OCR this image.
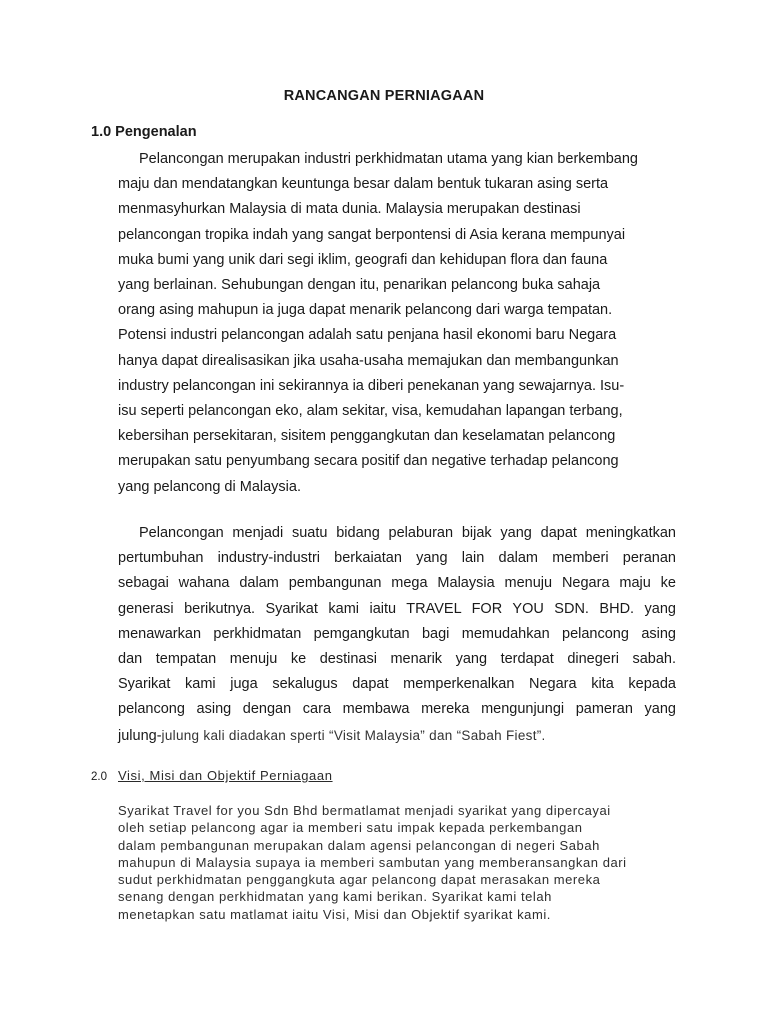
RANCANGAN PERNIAGAAN
1.0 Pengenalan
Pelancongan merupakan industri perkhidmatan utama yang kian berkembang
maju dan mendatangkan keuntunga besar dalam bentuk tukaran asing serta
menmasyhurkan Malaysia di mata dunia. Malaysia merupakan destinasi
pelancongan tropika indah yang sangat berpontensi di Asia kerana mempunyai
muka bumi yang unik dari segi iklim, geografi dan kehidupan flora dan fauna
yang berlainan. Sehubungan dengan itu, penarikan pelancong buka sahaja
orang asing mahupun ia juga dapat menarik pelancong dari warga tempatan.
Potensi industri pelancongan adalah satu penjana hasil ekonomi baru Negara
hanya dapat direalisasikan jika usaha-usaha memajukan dan membangunkan
industry pelancongan ini sekirannya ia diberi penekanan yang sewajarnya. Isu-
isu seperti pelancongan eko, alam sekitar, visa, kemudahan lapangan terbang,
kebersihan persekitaran, sisitem penggangkutan dan keselamatan pelancong
merupakan satu penyumbang secara positif dan negative terhadap pelancong
yang pelancong di Malaysia.
Pelancongan menjadi suatu bidang pelaburan bijak yang dapat meningkatkan
pertumbuhan industry-industri berkaiatan yang lain dalam memberi peranan
sebagai wahana dalam pembangunan mega Malaysia menuju Negara maju ke
generasi berikutnya. Syarikat kami iaitu TRAVEL FOR YOU SDN. BHD. yang
menawarkan perkhidmatan pemgangkutan bagi memudahkan pelancong asing
dan tempatan menuju ke destinasi menarik yang terdapat dinegeri sabah.
Syarikat kami juga sekalugus dapat memperkenalkan Negara kita kepada
pelancong asing dengan cara membawa mereka mengunjungi pameran yang
julung-julung kali diadakan sperti “Visit Malaysia” dan “Sabah Fiest”.
2.0 Visi, Misi dan Objektif Perniagaan
Syarikat Travel for you Sdn Bhd bermatlamat menjadi syarikat yang dipercayai
oleh setiap pelancong agar ia memberi satu impak kepada perkembangan
dalam pembangunan merupakan dalam agensi pelancongan di negeri Sabah
mahupun di Malaysia supaya ia memberi sambutan yang memberansangkan dari
sudut perkhidmatan penggangkuta agar pelancong dapat merasakan mereka
senang dengan perkhidmatan yang kami berikan. Syarikat kami telah
menetapkan satu matlamat iaitu Visi, Misi dan Objektif syarikat kami.
